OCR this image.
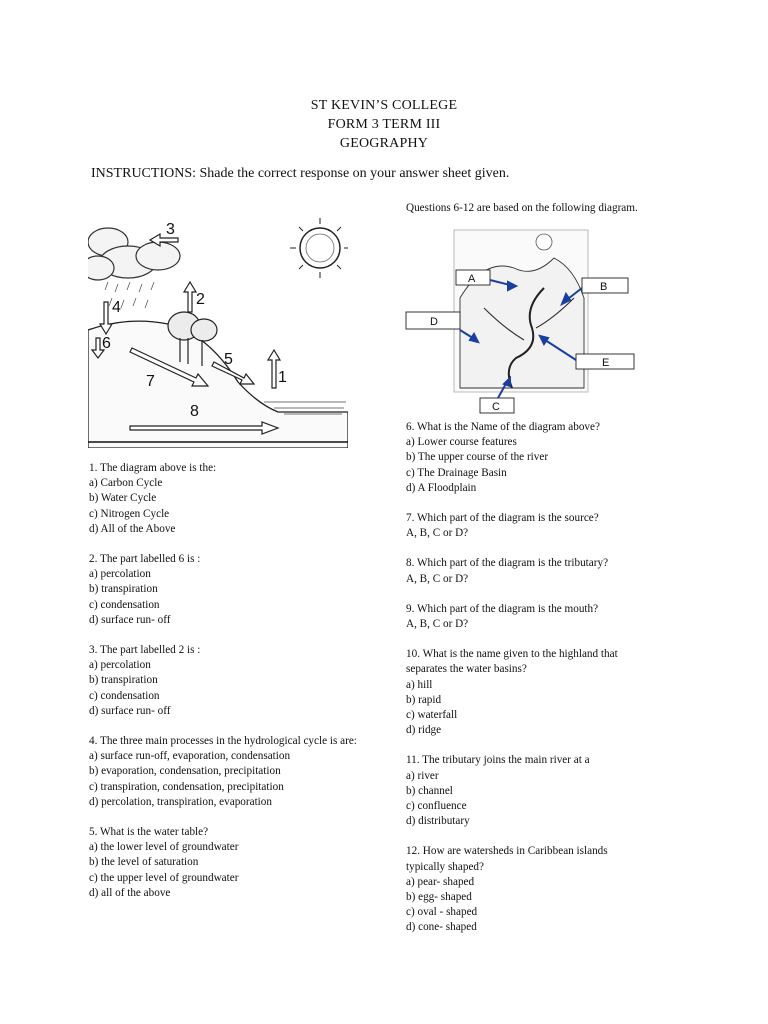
ST KEVIN’S COLLEGE
FORM 3 TERM III
GEOGRAPHY
INSTRUCTIONS: Shade the correct response on your answer sheet given.
3
2
4
6
5
1
7
8
Questions 6-12 are based on the following diagram.
A
B
D
E
C
1. The diagram above is the:
a) Carbon Cycle
b) Water Cycle
c) Nitrogen Cycle
d) All of the Above
2. The part labelled 6 is :
a) percolation
b) transpiration
c) condensation
d) surface run- off
3. The part labelled 2 is :
a) percolation
b) transpiration
c) condensation
d) surface run- off
4. The three main processes in the hydrological cycle is are:
a) surface run-off, evaporation, condensation
b) evaporation, condensation, precipitation
c) transpiration, condensation, precipitation
d) percolation, transpiration, evaporation
5. What is the water table?
a) the lower level of groundwater
b) the level of saturation
c) the upper level of groundwater
d) all of the above
6. What is the Name of the diagram above?
a) Lower course features
b) The upper course of the river
c) The Drainage Basin
d) A Floodplain
7. Which part of the diagram is the source?
A, B, C or D?
8. Which part of the diagram is the tributary?
A, B, C or D?
9. Which part of the diagram is the mouth?
A, B, C or D?
10. What is the name given to the highland that separates the water basins?
a) hill
b) rapid
c) waterfall
d) ridge
11. The tributary joins the main river at a
a) river
b) channel
c) confluence
d) distributary
12. How are watersheds in Caribbean islands typically shaped?
a) pear- shaped
b) egg- shaped
c) oval - shaped
d) cone- shaped
